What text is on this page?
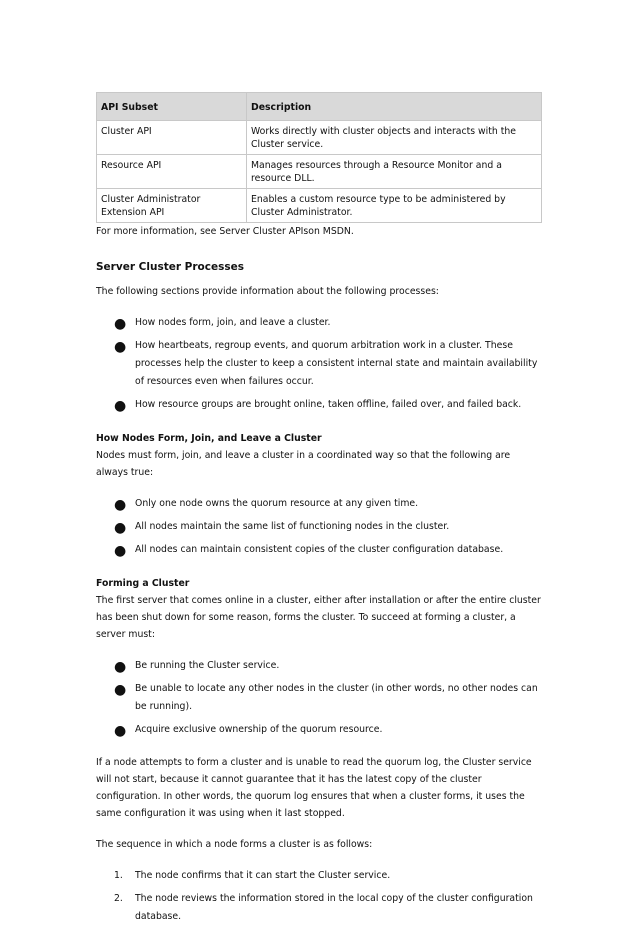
API Subset	Description
Cluster API	Works directly with cluster objects and interacts with the Cluster service.
Resource API	Manages resources through a Resource Monitor and a resource DLL.
Cluster Administrator Extension API	Enables a custom resource type to be administered by Cluster Administrator.

For more information, see Server Cluster APIson MSDN.

Server Cluster Processes

The following sections provide information about the following processes:

● How nodes form, join, and leave a cluster.
● How heartbeats, regroup events, and quorum arbitration work in a cluster. These processes help the cluster to keep a consistent internal state and maintain availability of resources even when failures occur.
● How resource groups are brought online, taken offline, failed over, and failed back.
How Nodes Form, Join, and Leave a Cluster

Nodes must form, join, and leave a cluster in a coordinated way so that the following are always true:

● Only one node owns the quorum resource at any given time.
● All nodes maintain the same list of functioning nodes in the cluster.
● All nodes can maintain consistent copies of the cluster configuration database.
Forming a Cluster

The first server that comes online in a cluster, either after installation or after the entire cluster has been shut down for some reason, forms the cluster. To succeed at forming a cluster, a server must:

● Be running the Cluster service.
● Be unable to locate any other nodes in the cluster (in other words, no other nodes can be running).
● Acquire exclusive ownership of the quorum resource.

If a node attempts to form a cluster and is unable to read the quorum log, the Cluster service will not start, because it cannot guarantee that it has the latest copy of the cluster configuration. In other words, the quorum log ensures that when a cluster forms, it uses the same configuration it was using when it last stopped.

The sequence in which a node forms a cluster is as follows:

1. The node confirms that it can start the Cluster service.
2. The node reviews the information stored in the local copy of the cluster configuration database.
